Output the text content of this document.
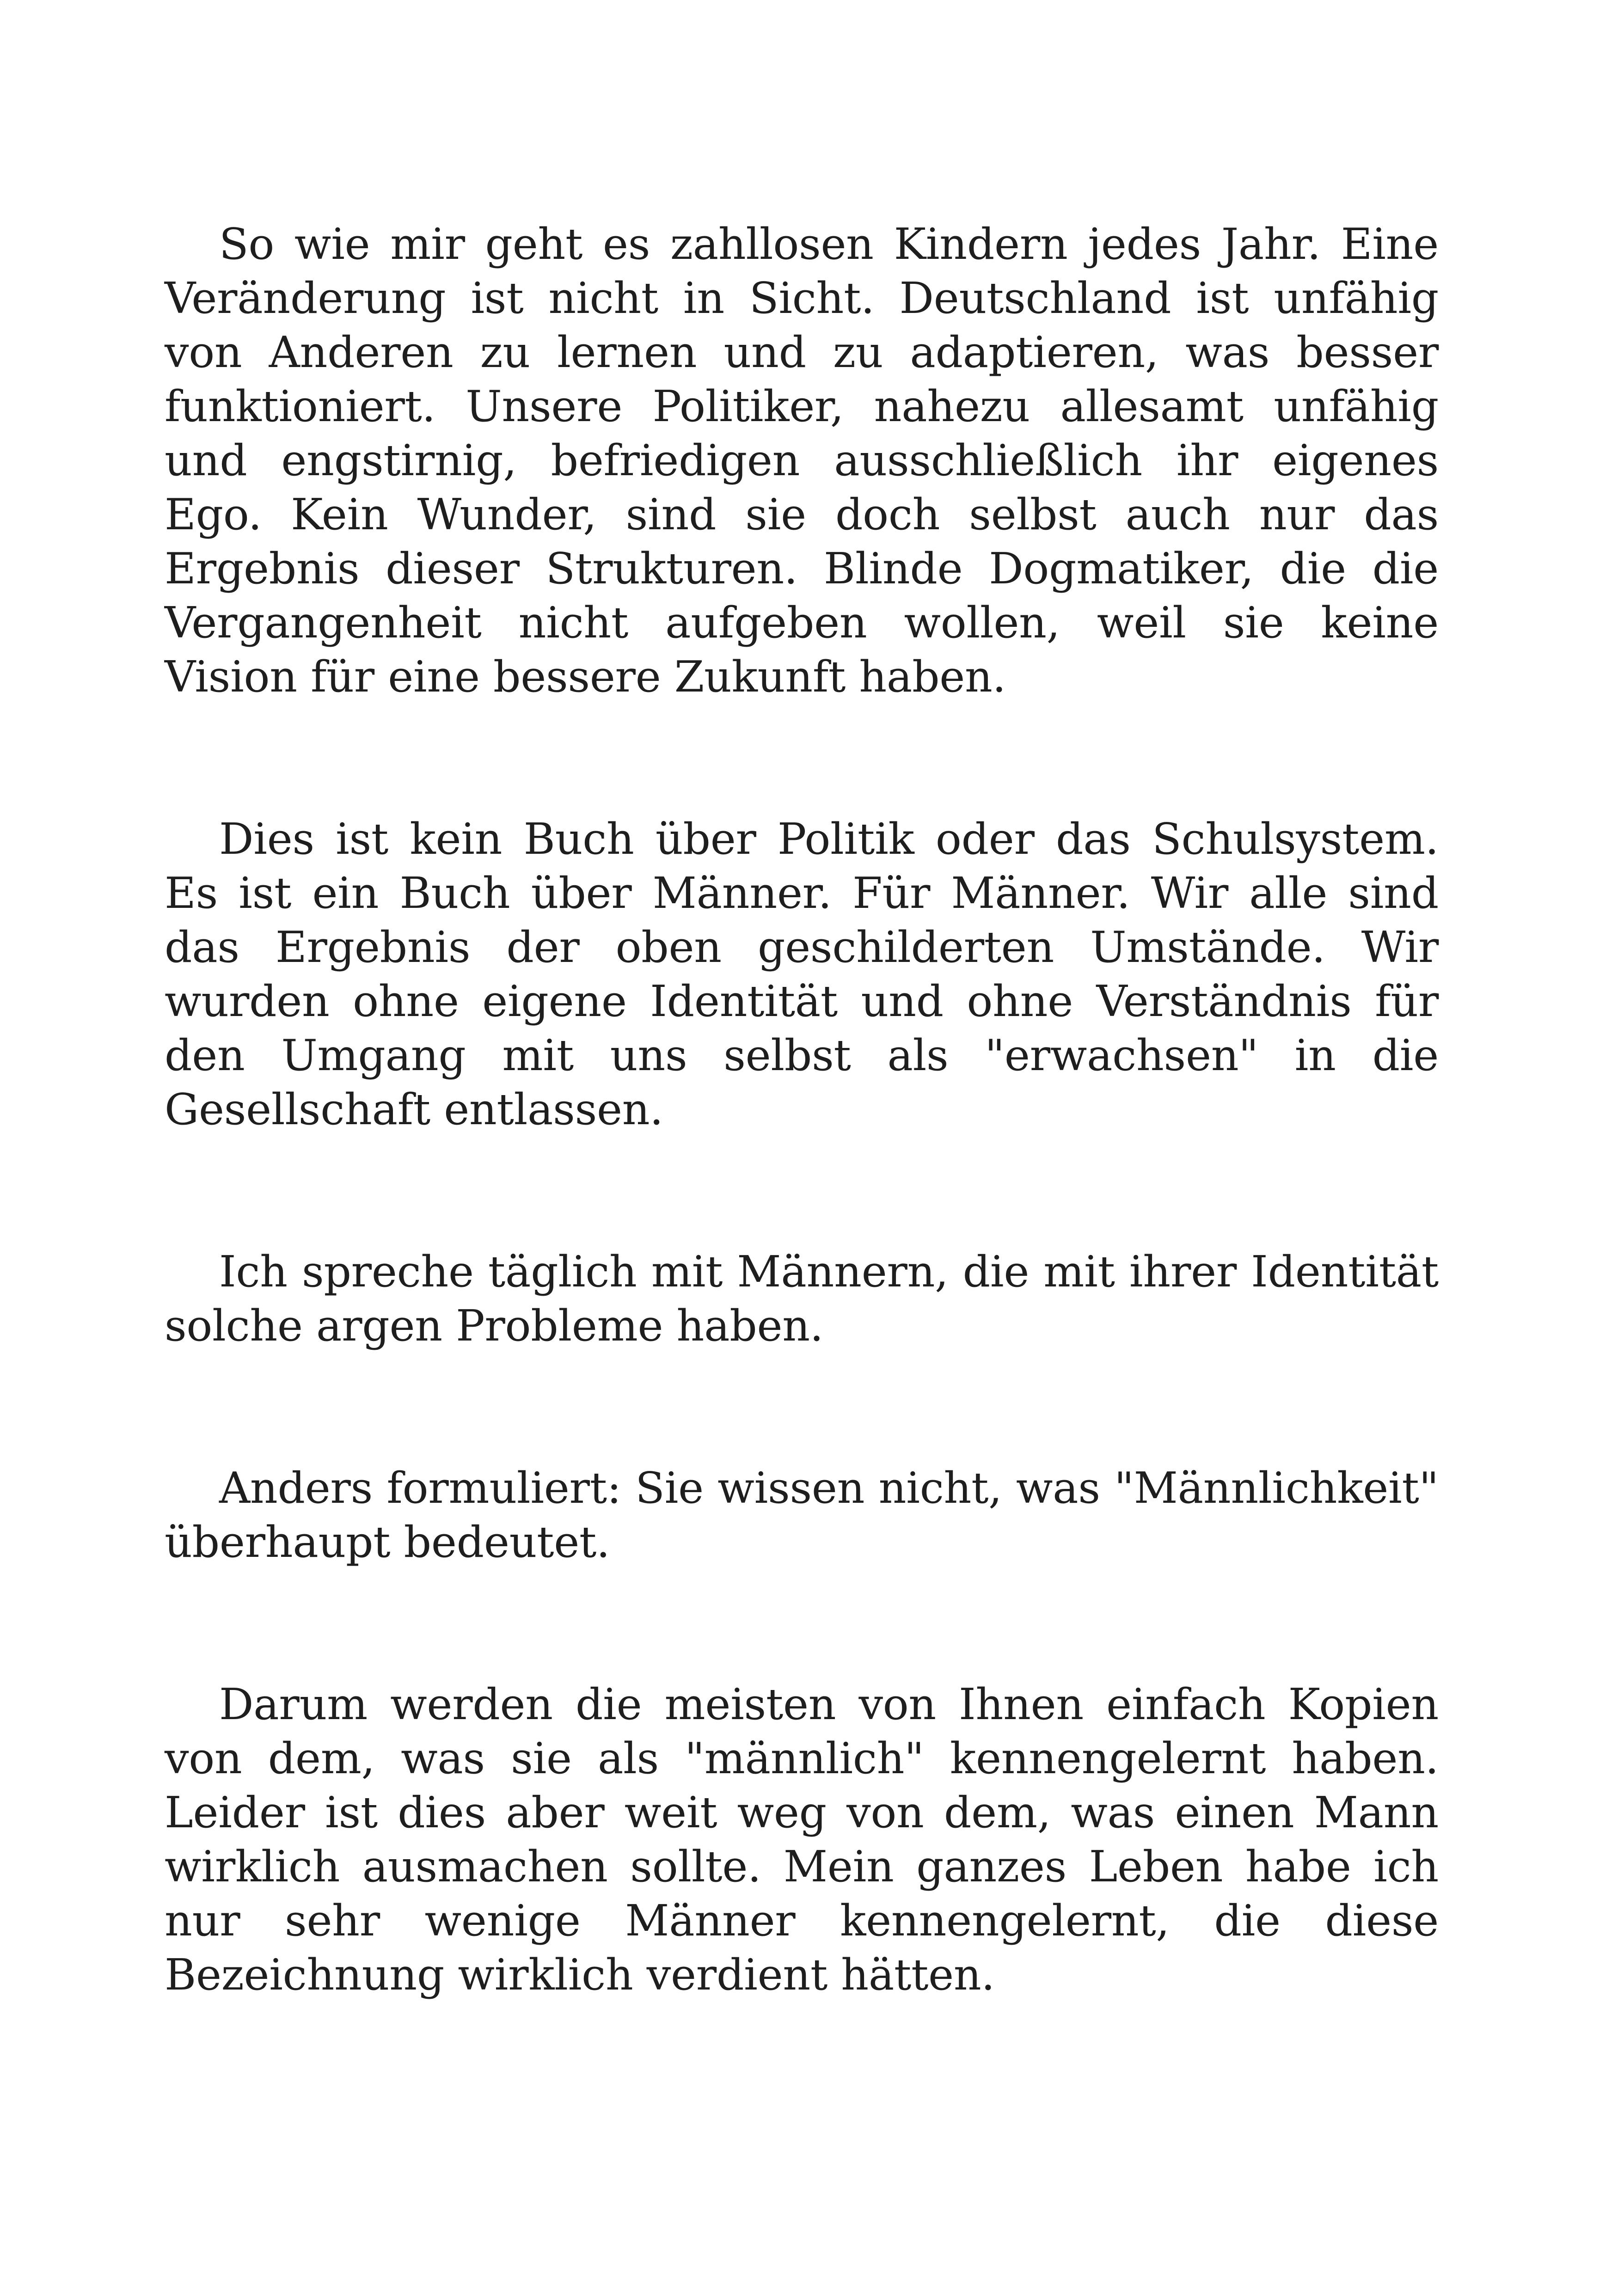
So wie mir geht es zahllosen Kindern jedes Jahr. Eine Veränderung ist nicht in Sicht. Deutschland ist unfähig von Anderen zu lernen und zu adaptieren, was besser funktioniert. Unsere Politiker, nahezu allesamt unfähig und engstirnig, befriedigen ausschließlich ihr eigenes Ego. Kein Wunder, sind sie doch selbst auch nur das Ergebnis dieser Strukturen. Blinde Dogmatiker, die die Vergangenheit nicht aufgeben wollen, weil sie keine Vision für eine bessere Zukunft haben.

Dies ist kein Buch über Politik oder das Schulsystem. Es ist ein Buch über Männer. Für Männer. Wir alle sind das Ergebnis der oben geschilderten Umstände. Wir wurden ohne eigene Identität und ohne Verständnis für den Umgang mit uns selbst als "erwachsen" in die Gesellschaft entlassen.

Ich spreche täglich mit Männern, die mit ihrer Identität solche argen Probleme haben.

Anders formuliert: Sie wissen nicht, was "Männlichkeit" überhaupt bedeutet.

Darum werden die meisten von Ihnen einfach Kopien von dem, was sie als "männlich" kennengelernt haben. Leider ist dies aber weit weg von dem, was einen Mann wirklich ausmachen sollte. Mein ganzes Leben habe ich nur sehr wenige Männer kennengelernt, die diese Bezeichnung wirklich verdient hätten.
